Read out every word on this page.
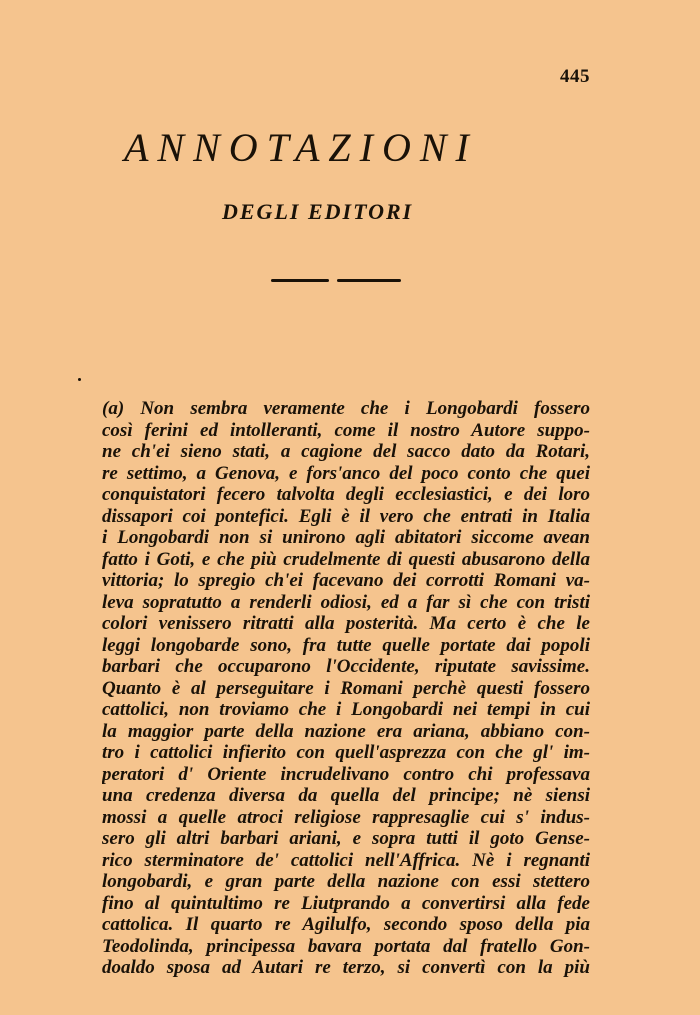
445
ANNOTAZIONI
DEGLI EDITORI
(a) Non sembra veramente che i Longobardi fossero
così ferini ed intolleranti, come il nostro Autore suppo-
ne ch'ei sieno stati, a cagione del sacco dato da Rotari,
re settimo, a Genova, e fors'anco del poco conto che quei
conquistatori fecero talvolta degli ecclesiastici, e dei loro
dissapori coi pontefici. Egli è il vero che entrati in Italia
i Longobardi non si unirono agli abitatori siccome avean
fatto i Goti, e che più crudelmente di questi abusarono della
vittoria; lo spregio ch'ei facevano dei corrotti Romani va-
leva sopratutto a renderli odiosi, ed a far sì che con tristi
colori venissero ritratti alla posterità. Ma certo è che le
leggi longobarde sono, fra tutte quelle portate dai popoli
barbari che occuparono l'Occidente, riputate savissime.
Quanto è al perseguitare i Romani perchè questi fossero
cattolici, non troviamo che i Longobardi nei tempi in cui
la maggior parte della nazione era ariana, abbiano con-
tro i cattolici infierito con quell'asprezza con che gl' im-
peratori d' Oriente incrudelivano contro chi professava
una credenza diversa da quella del principe; nè siensi
mossi a quelle atroci religiose rappresaglie cui s' indus-
sero gli altri barbari ariani, e sopra tutti il goto Gense-
rico sterminatore de' cattolici nell'Affrica. Nè i regnanti
longobardi, e gran parte della nazione con essi stettero
fino al quintultimo re Liutprando a convertirsi alla fede
cattolica. Il quarto re Agilulfo, secondo sposo della pia
Teodolinda, principessa bavara portata dal fratello Gon-
doaldo sposa ad Autari re terzo, si convertì con la più
